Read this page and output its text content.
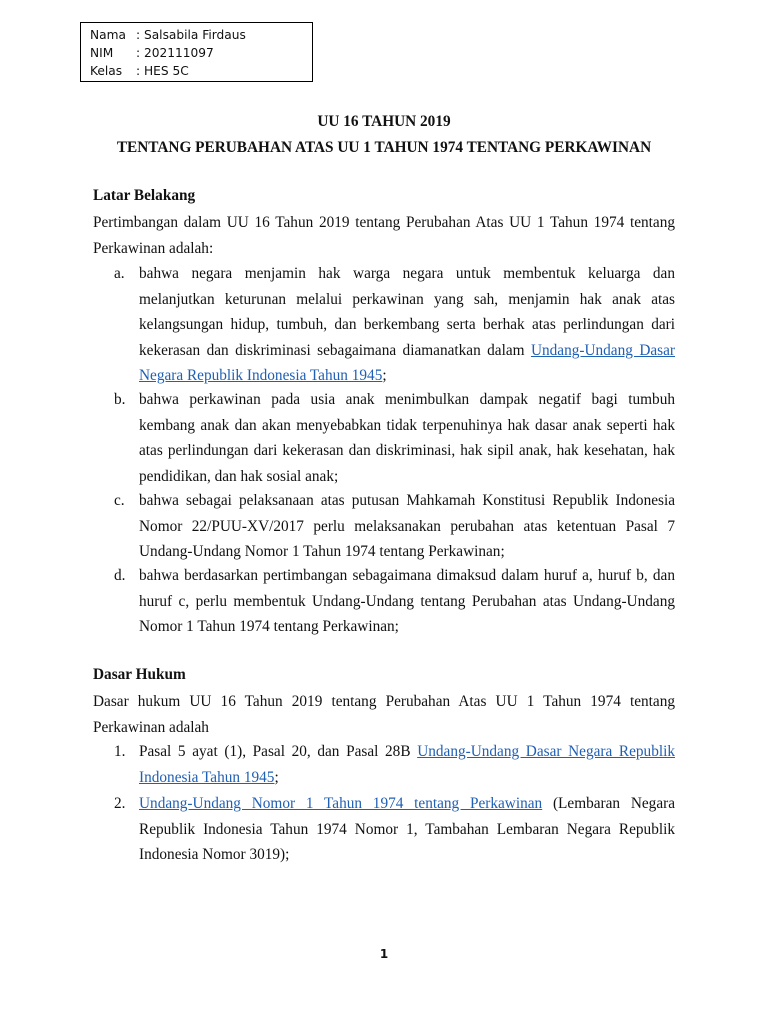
Nama : Salsabila Firdaus
NIM	: 202111097
Kelas	: HES 5C
UU 16 TAHUN 2019
TENTANG PERUBAHAN ATAS UU 1 TAHUN 1974 TENTANG PERKAWINAN
Latar Belakang
Pertimbangan dalam UU 16 Tahun 2019 tentang Perubahan Atas UU 1 Tahun 1974 tentang Perkawinan adalah:
a. bahwa negara menjamin hak warga negara untuk membentuk keluarga dan melanjutkan keturunan melalui perkawinan yang sah, menjamin hak anak atas kelangsungan hidup, tumbuh, dan berkembang serta berhak atas perlindungan dari kekerasan dan diskriminasi sebagaimana diamanatkan dalam Undang-Undang Dasar Negara Republik Indonesia Tahun 1945;
b. bahwa perkawinan pada usia anak menimbulkan dampak negatif bagi tumbuh kembang anak dan akan menyebabkan tidak terpenuhinya hak dasar anak seperti hak atas perlindungan dari kekerasan dan diskriminasi, hak sipil anak, hak kesehatan, hak pendidikan, dan hak sosial anak;
c. bahwa sebagai pelaksanaan atas putusan Mahkamah Konstitusi Republik Indonesia Nomor 22/PUU-XV/2017 perlu melaksanakan perubahan atas ketentuan Pasal 7 Undang-Undang Nomor 1 Tahun 1974 tentang Perkawinan;
d. bahwa berdasarkan pertimbangan sebagaimana dimaksud dalam huruf a, huruf b, dan huruf c, perlu membentuk Undang-Undang tentang Perubahan atas Undang-Undang Nomor 1 Tahun 1974 tentang Perkawinan;
Dasar Hukum
Dasar hukum UU 16 Tahun 2019 tentang Perubahan Atas UU 1 Tahun 1974 tentang Perkawinan adalah
1. Pasal 5 ayat (1), Pasal 20, dan Pasal 28B Undang-Undang Dasar Negara Republik Indonesia Tahun 1945;
2. Undang-Undang Nomor 1 Tahun 1974 tentang Perkawinan (Lembaran Negara Republik Indonesia Tahun 1974 Nomor 1, Tambahan Lembaran Negara Republik Indonesia Nomor 3019);
1
